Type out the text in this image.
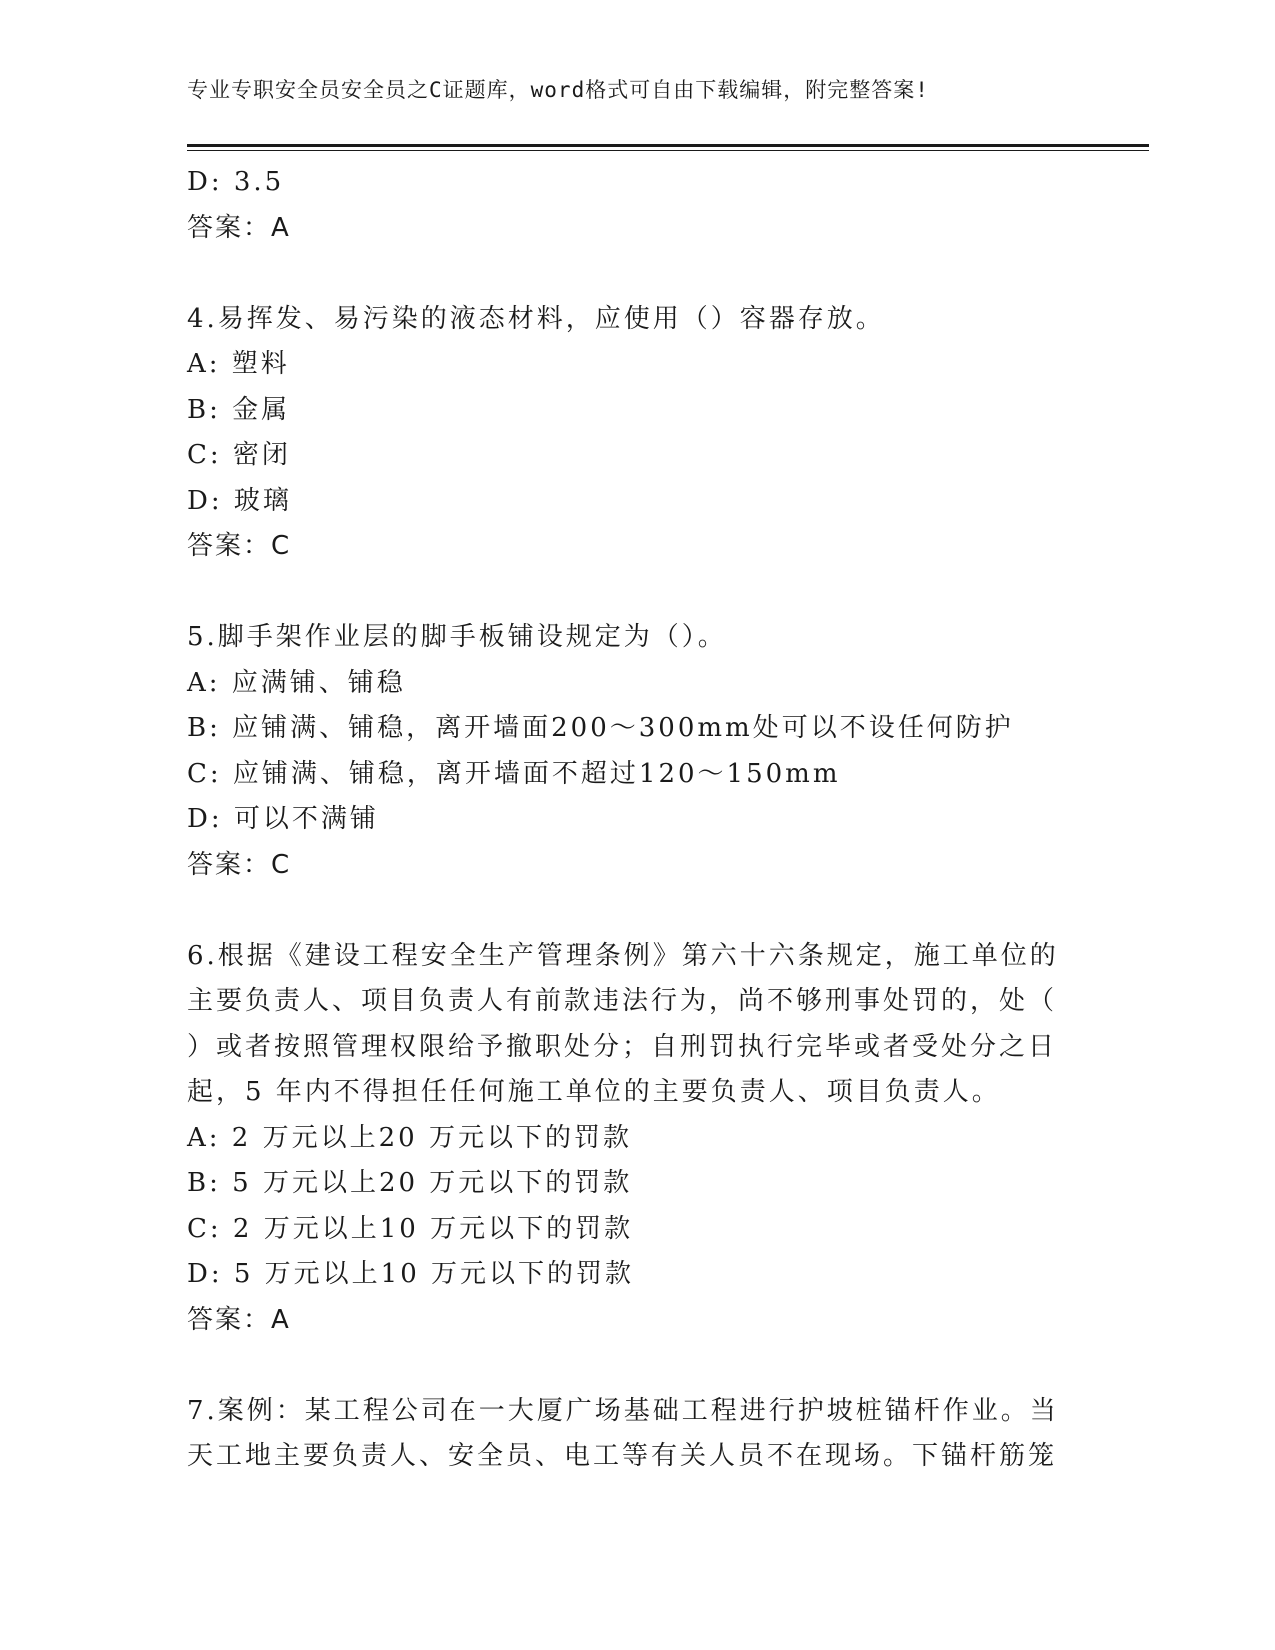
专业专职安全员安全员之C证题库，word格式可自由下载编辑，附完整答案!
D: 3.5
答案：A
4.易挥发、易污染的液态材料，应使用（）容器存放。
A: 塑料
B: 金属
C: 密闭
D: 玻璃
答案：C
5.脚手架作业层的脚手板铺设规定为（）。
A: 应满铺、铺稳
B: 应铺满、铺稳，离开墙面200～300mm处可以不设任何防护
C: 应铺满、铺稳，离开墙面不超过120～150mm
D: 可以不满铺
答案：C
6.根据《建设工程安全生产管理条例》第六十六条规定，施工单位的
主要负责人、项目负责人有前款违法行为，尚不够刑事处罚的，处（
）或者按照管理权限给予撤职处分；自刑罚执行完毕或者受处分之日
起，5 年内不得担任任何施工单位的主要负责人、项目负责人。
A: 2 万元以上20 万元以下的罚款
B: 5 万元以上20 万元以下的罚款
C: 2 万元以上10 万元以下的罚款
D: 5 万元以上10 万元以下的罚款
答案：A
7.案例：某工程公司在一大厦广场基础工程进行护坡桩锚杆作业。当
天工地主要负责人、安全员、电工等有关人员不在现场。下锚杆筋笼
